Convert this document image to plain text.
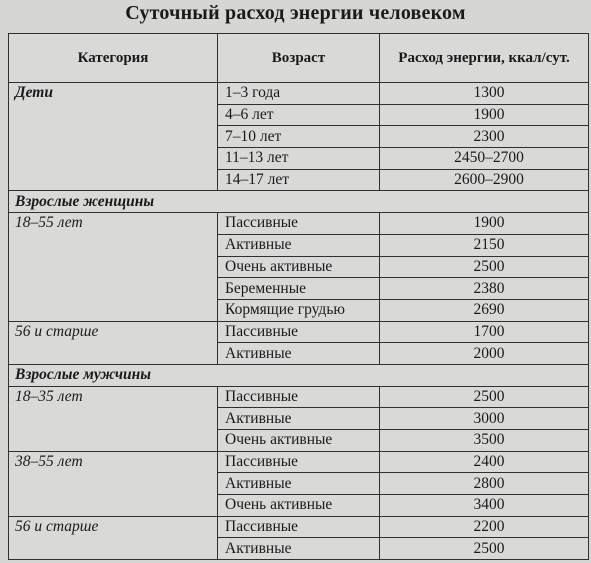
Суточный расход энергии человеком
Категория	Возраст	Расход энергии, ккал/сут.
Дети	1–3 года	1300
	4–6 лет	1900
	7–10 лет	2300
	11–13 лет	2450–2700
	14–17 лет	2600–2900
Взрослые женщины		
18–55 лет	Пассивные	1900
	Активные	2150
	Очень активные	2500
	Беременные	2380
	Кормящие грудью	2690
56 и старше	Пассивные	1700
	Активные	2000
Взрослые мужчины		
18–35 лет	Пассивные	2500
	Активные	3000
	Очень активные	3500
38–55 лет	Пассивные	2400
	Активные	2800
	Очень активные	3400
56 и старше	Пассивные	2200
	Активные	2500
